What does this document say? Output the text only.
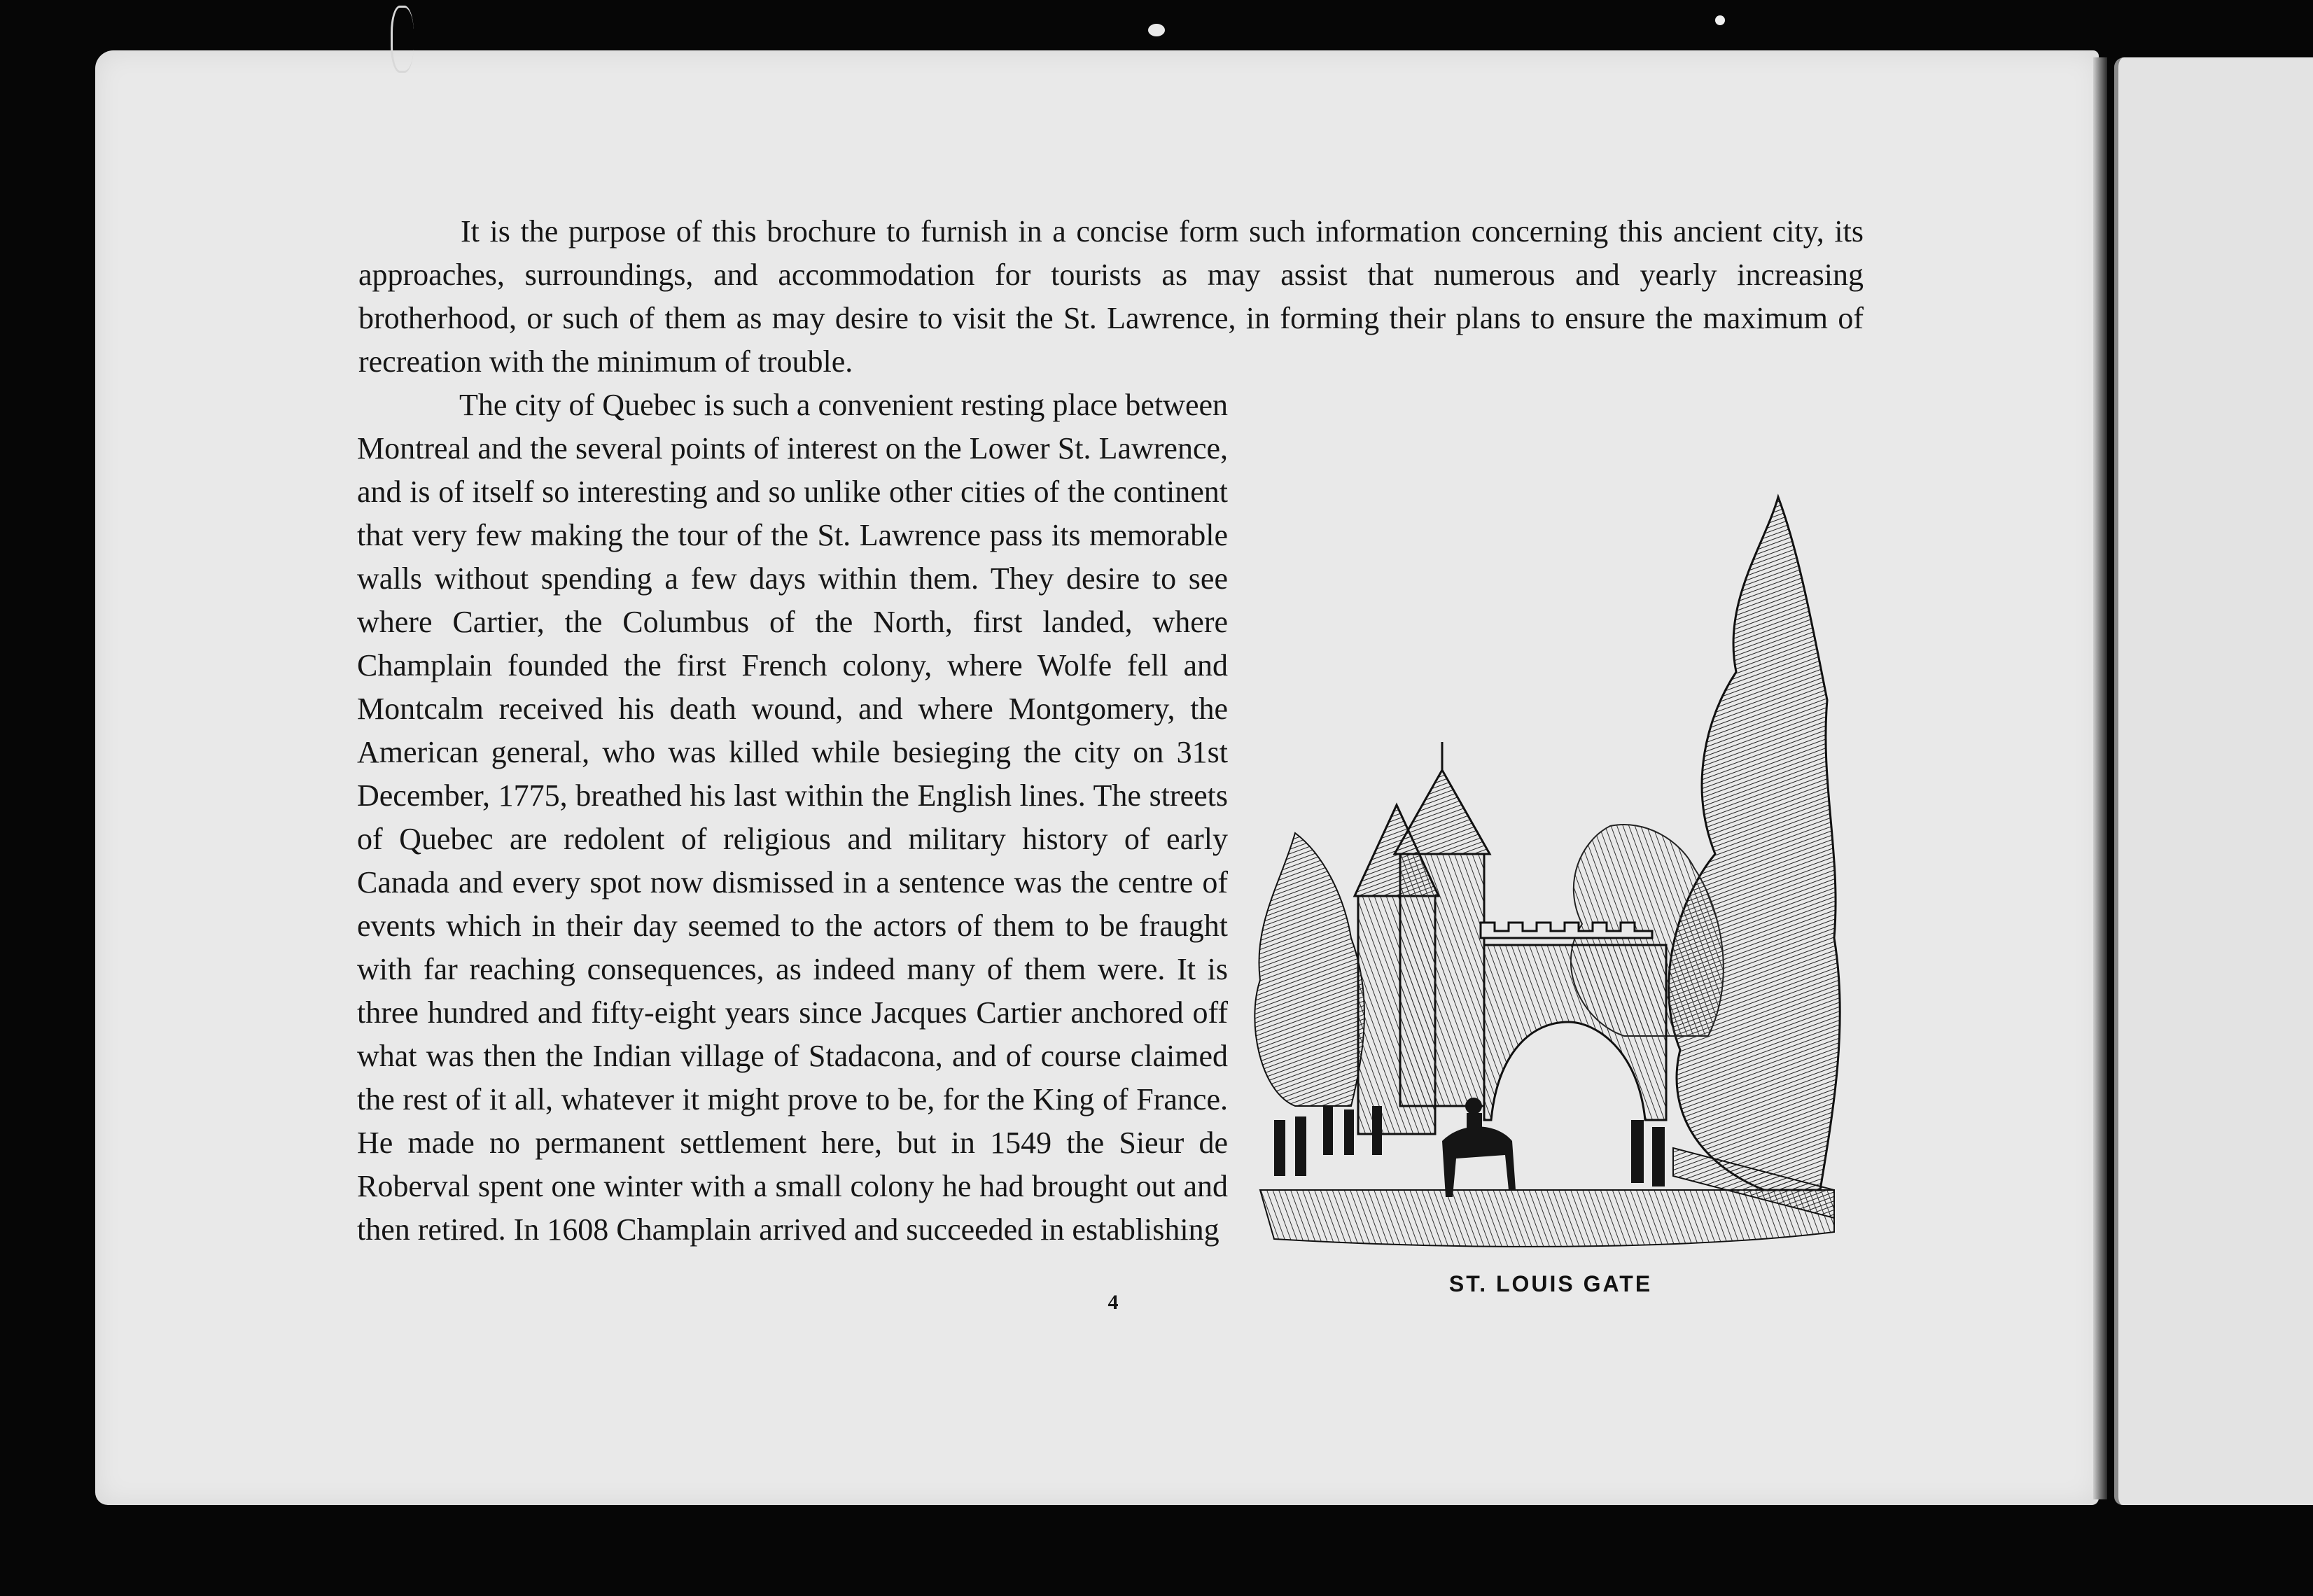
It is the purpose of this brochure to furnish in a concise form such information concerning this ancient city, its approaches, surroundings, and accommodation for tourists as may assist that numerous and yearly increasing brotherhood, or such of them as may desire to visit the St. Lawrence, in forming their plans to ensure the maximum of recreation with the minimum of trouble.

The city of Quebec is such a convenient resting place between Montreal and the several points of interest on the Lower St. Lawrence, and is of itself so interesting and so unlike other cities of the continent that very few making the tour of the St. Lawrence pass its memorable walls without spending a few days within them. They desire to see where Cartier, the Columbus of the North, first landed, where Champlain founded the first French colony, where Wolfe fell and Montcalm received his death wound, and where Montgomery, the American general, who was killed while besieging the city on 31st December, 1775, breathed his last within the English lines. The streets of Quebec are redolent of religious and military history of early Canada and every spot now dismissed in a sentence was the centre of events which in their day seemed to the actors of them to be fraught with far reaching consequences, as indeed many of them were. It is three hundred and fifty-eight years since Jacques Cartier anchored off what was then the Indian village of Stadacona, and of course claimed the rest of it all, whatever it might prove to be, for the King of France. He made no permanent settlement here, but in 1549 the Sieur de Roberval spent one winter with a small colony he had brought out and then retired. In 1608 Champlain arrived and succeeded in establishing
ST. LOUIS GATE
4
